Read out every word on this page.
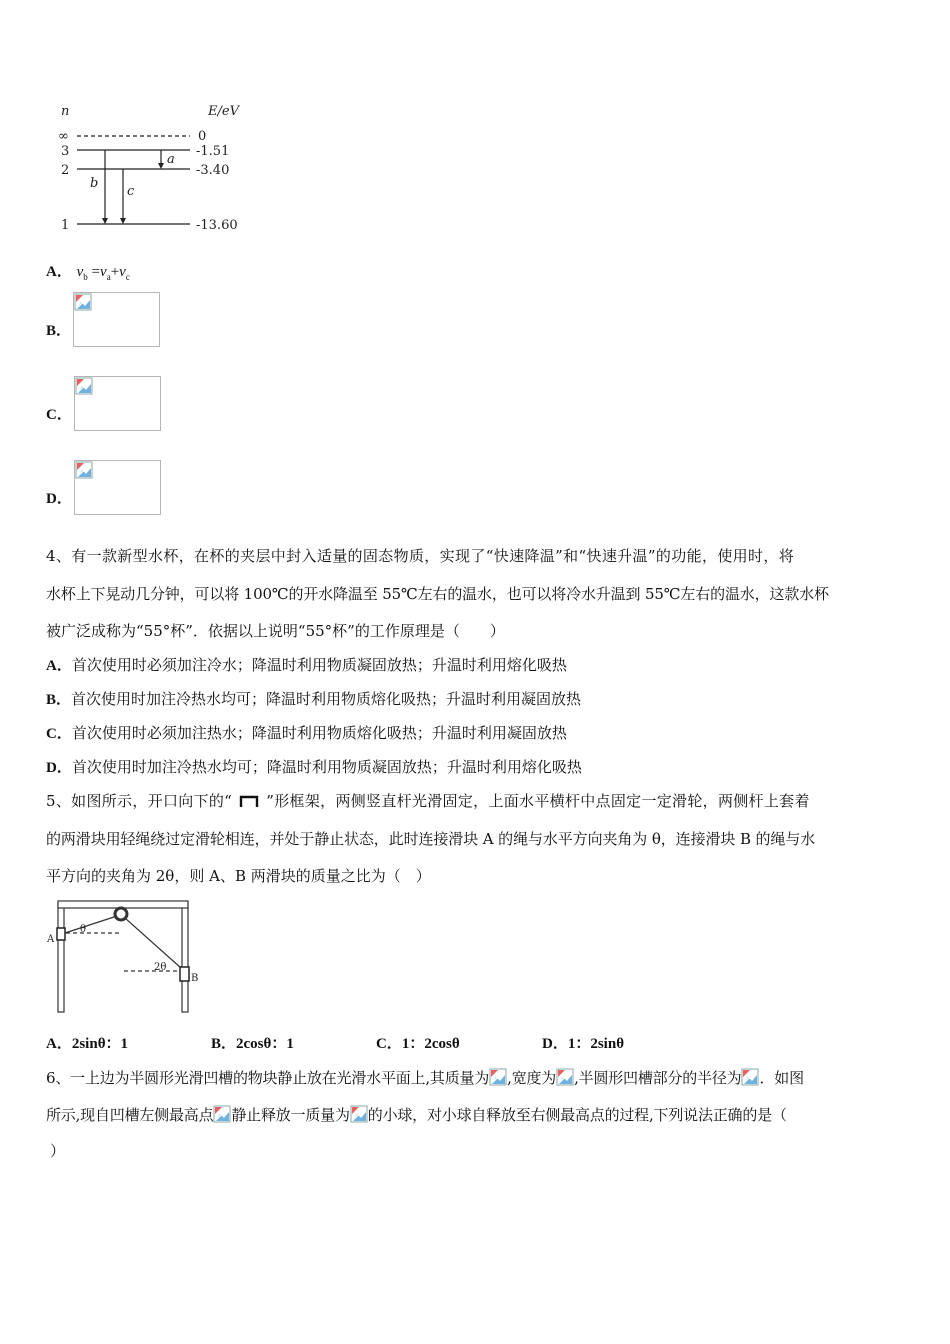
n	E/eV
∞	0
3	-1.51
2	-3.40
1	-13.60
a
b
c
A． $v_b =v_a+v_c$
B．
C．
D．
4、有一款新型水杯，在杯的夹层中封入适量的固态物质，实现了“快速降温”和“快速升温”的功能，使用时，将
水杯上下晃动几分钟，可以将 100℃的开水降温至 55℃左右的温水，也可以将冷水升温到 55℃左右的温水，这款水杯
被广泛成称为“55°杯”．依据以上说明“55°杯”的工作原理是（　　）
A．首次使用时必须加注冷水；降温时利用物质凝固放热；升温时利用熔化吸热
B．首次使用时加注冷热水均可；降温时利用物质熔化吸热；升温时利用凝固放热
C．首次使用时必须加注热水；降温时利用物质熔化吸热；升温时利用凝固放热
D．首次使用时加注冷热水均可；降温时利用物质凝固放热；升温时利用熔化吸热
5、如图所示，开口向下的“ ”形框架，两侧竖直杆光滑固定，上面水平横杆中点固定一定滑轮，两侧杆上套着
的两滑块用轻绳绕过定滑轮相连，并处于静止状态，此时连接滑块 A 的绳与水平方向夹角为 θ，连接滑块 B 的绳与水
平方向的夹角为 2θ，则 A、B 两滑块的质量之比为（　）
A
B
θ
2θ
A．2sinθ：1	B．2cosθ：1	C．1：2cosθ	D．1：2sinθ
6、一上边为半圆形光滑凹槽的物块静止放在光滑水平面上,其质量为 ,宽度为 ,半圆形凹槽部分的半径为 ．如图
所示,现自凹槽左侧最高点 静止释放一质量为 的小球，对小球自释放至右侧最高点的过程,下列说法正确的是（
）
